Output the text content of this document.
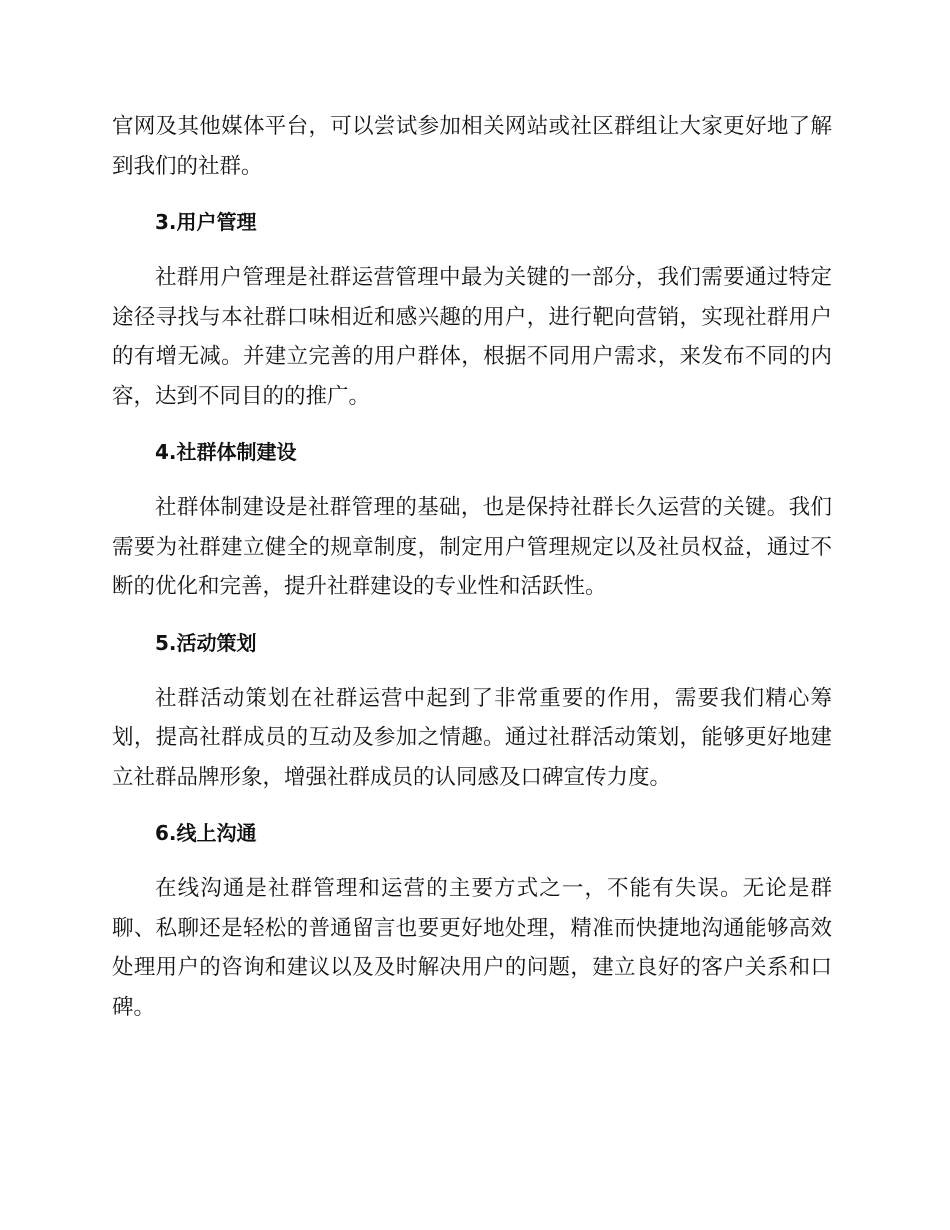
官网及其他媒体平台，可以尝试参加相关网站或社区群组让大家更好地了解到我们的社群。

3.用户管理

社群用户管理是社群运营管理中最为关键的一部分，我们需要通过特定途径寻找与本社群口味相近和感兴趣的用户，进行靶向营销，实现社群用户的有增无减。并建立完善的用户群体，根据不同用户需求，来发布不同的内容，达到不同目的的推广。

4.社群体制建设

社群体制建设是社群管理的基础，也是保持社群长久运营的关键。我们需要为社群建立健全的规章制度，制定用户管理规定以及社员权益，通过不断的优化和完善，提升社群建设的专业性和活跃性。

5.活动策划

社群活动策划在社群运营中起到了非常重要的作用，需要我们精心筹划，提高社群成员的互动及参加之情趣。通过社群活动策划，能够更好地建立社群品牌形象，增强社群成员的认同感及口碑宣传力度。

6.线上沟通

在线沟通是社群管理和运营的主要方式之一，不能有失误。无论是群聊、私聊还是轻松的普通留言也要更好地处理，精准而快捷地沟通能够高效处理用户的咨询和建议以及及时解决用户的问题，建立良好的客户关系和口碑。
